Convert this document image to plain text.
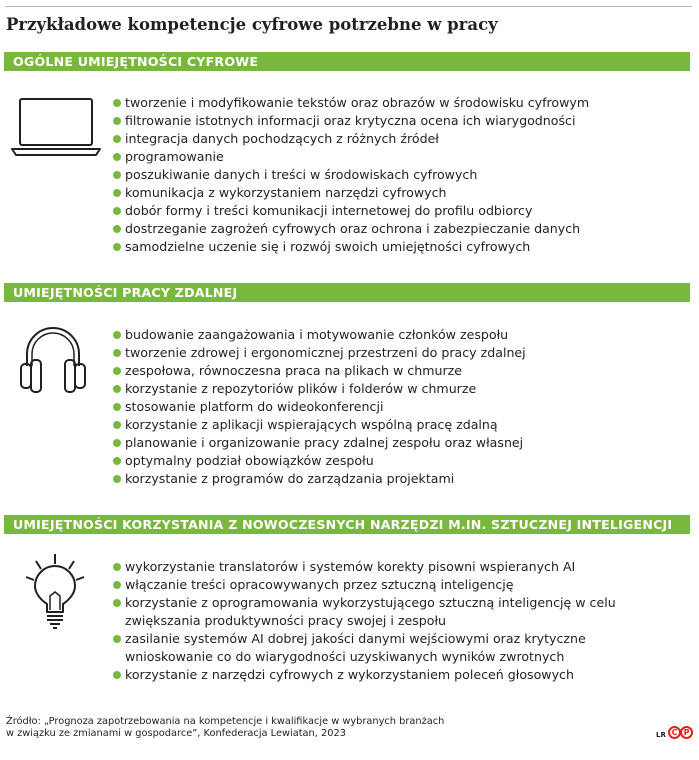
Przykładowe kompetencje cyfrowe potrzebne w pracy
OGÓLNE UMIEJĘTNOŚCI CYFROWE
tworzenie i modyfikowanie tekstów oraz obrazów w środowisku cyfrowym
filtrowanie istotnych informacji oraz krytyczna ocena ich wiarygodności
integracja danych pochodzących z różnych źródeł
programowanie
poszukiwanie danych i treści w środowiskach cyfrowych
komunikacja z wykorzystaniem narzędzi cyfrowych
dobór formy i treści komunikacji internetowej do profilu odbiorcy
dostrzeganie zagrożeń cyfrowych oraz ochrona i zabezpieczanie danych
samodzielne uczenie się i rozwój swoich umiejętności cyfrowych
UMIEJĘTNOŚCI PRACY ZDALNEJ
budowanie zaangażowania i motywowanie członków zespołu
tworzenie zdrowej i ergonomicznej przestrzeni do pracy zdalnej
zespołowa, równoczesna praca na plikach w chmurze
korzystanie z repozytoriów plików i folderów w chmurze
stosowanie platform do wideokonferencji
korzystanie z aplikacji wspierających wspólną pracę zdalną
planowanie i organizowanie pracy zdalnej zespołu oraz własnej
optymalny podział obowiązków zespołu
korzystanie z programów do zarządzania projektami
UMIEJĘTNOŚCI KORZYSTANIA Z NOWOCZESNYCH NARZĘDZI M.IN. SZTUCZNEJ INTELIGENCJI
wykorzystanie translatorów i systemów korekty pisowni wspieranych AI
włączanie treści opracowywanych przez sztuczną inteligencję
korzystanie z oprogramowania wykorzystującego sztuczną inteligencję w celu
zwiększania produktywności pracy swojej i zespołu
zasilanie systemów AI dobrej jakości danymi wejściowymi oraz krytyczne
wnioskowanie co do wiarygodności uzyskiwanych wyników zwrotnych
korzystanie z narzędzi cyfrowych z wykorzystaniem poleceń głosowych
Źródło: „Prognoza zapotrzebowania na kompetencje i kwalifikacje w wybranych branżach
w związku ze zmianami w gospodarce”, Konfederacja Lewiatan, 2023	LR C P
